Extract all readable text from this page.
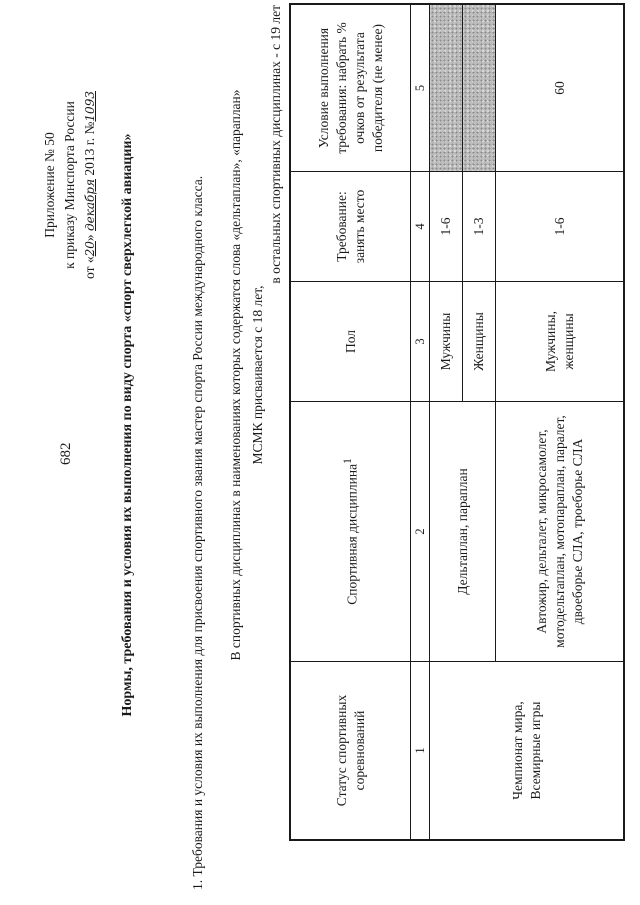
682
Приложение № 50 к приказу Минспорта России от «20» декабря 2013 г. №1093
Нормы, требования и условия их выполнения по виду спорта «спорт сверхлегкой авиации»	1. Требования и условия их выполнения для присвоения спортивного звания мастер спорта России международного класса. В спортивных дисциплинах в наименованиях которых содержатся слова «дельтаплан», «параплан» МСМК присваивается с 18 лет,
в остальных спортивных дисциплинах - с 19 лет
Статус спортивных соревнований	Спортивная дисциплина$^1$	Пол	Требование: занять место	Условие выполнения требования: набрать % очков от результата победителя (не менее)
1	2	3	4	5
Чемпионат мира, Всемирные игры	Дельтаплан, параплан	Мужчины	1-6	
		Женщины	1-3	
	Автожир, дельталет, микросамолет, мотодельтаплан, мотопараплан, паралет, двоеборье СЛА, троеборье СЛА	Мужчины, женщины	1-6	60
